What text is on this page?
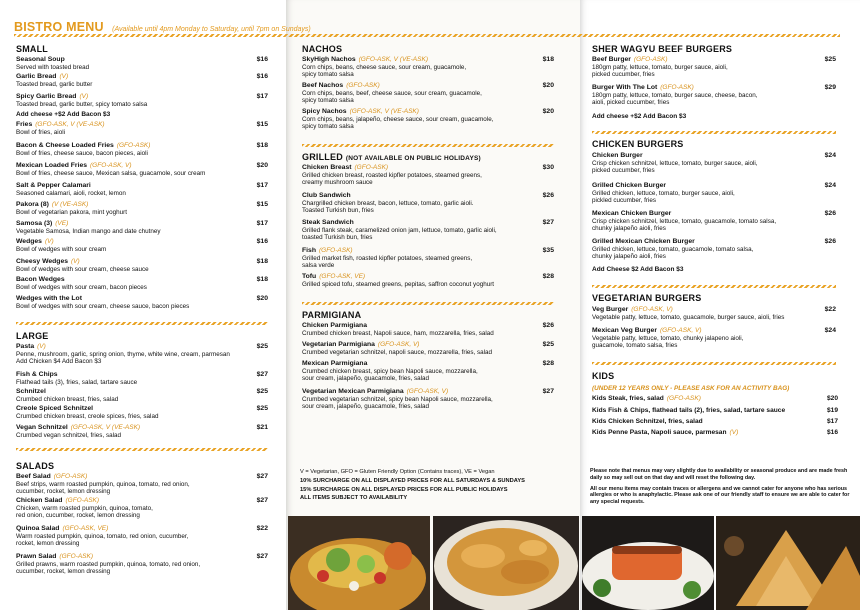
BISTRO MENU (Available until 4pm Monday to Saturday, until 7pm on Sundays)
SMALL
Seasonal Soup	$16
Served with toasted bread
Garlic Bread (V)	$16
Toasted bread, garlic butter
Spicy Garlic Bread (V)	$17
Toasted bread, garlic butter, spicy tomato salsa
Fries (GFO-ASK, V (VE-ASK)	$15
Bowl of fries, aioli
Bacon & Cheese Loaded Fries (GFO-ASK)	$18
Bowl of fries, cheese sauce, bacon pieces, aioli
Mexican Loaded Fries (GFO-ASK, V)	$20
Bowl of fries, cheese sauce, Mexican salsa, guacamole, sour cream
Salt & Pepper Calamari	$17
Seasoned calamari, aioli, rocket, lemon
Pakora (8) (V (VE-ASK)	$15
Bowl of vegetarian pakora, mint yoghurt
Samosa (3) (VE)	$17
Vegetable Samosa, Indian mango and date chutney
Wedges (V)	$16
Bowl of wedges with sour cream
Cheesy Wedges (V)	$18
Bowl of wedges with sour cream, cheese sauce
Bacon Wedges	$18
Bowl of wedges with sour cream, bacon pieces
Wedges with the Lot	$20
Bowl of wedges with sour cream, cheese sauce, bacon pieces
Add cheese +$2 Add Bacon $3
LARGE
Pasta (V)	$25
Penne, mushroom, garlic, spring onion, thyme, white wine, cream, parmesan
Add Chicken $4 Add Bacon $3
Fish & Chips	$27
Flathead tails (3), fries, salad, tartare sauce
Schnitzel	$25
Crumbed chicken breast, fries, salad
Creole Spiced Schnitzel	$25
Crumbed chicken breast, creole spices, fries, salad
Vegan Schnitzel (GFO-ASK, V (VE-ASK)	$21
Crumbed vegan schnitzel, fries, salad
SALADS
Beef Salad (GFO-ASK)	$27
Beef strips, warm roasted pumpkin, quinoa, tomato, red onion,
cucumber, rocket, lemon dressing
Chicken Salad (GFO-ASK)	$27
Chicken, warm roasted pumpkin, quinoa, tomato,
red onion, cucumber, rocket, lemon dressing
Quinoa Salad (GFO-ASK, VE)	$22
Warm roasted pumpkin, quinoa, tomato, red onion, cucumber,
rocket, lemon dressing
Prawn Salad (GFO-ASK)	$27
Grilled prawns, warm roasted pumpkin, quinoa, tomato, red onion,
cucumber, rocket, lemon dressing
NACHOS
SkyHigh Nachos (GFO-ASK, V (VE-ASK)	$18
Corn chips, beans, cheese sauce, sour cream, guacamole,
spicy tomato salsa
Beef Nachos (GFO-ASK)	$20
Corn chips, beans, beef, cheese sauce, sour cream, guacamole,
spicy tomato salsa
Spicy Nachos (GFO-ASK, V (VE-ASK)	$20
Corn chips, beans, jalapeño, cheese sauce, sour cream, guacamole,
spicy tomato salsa
GRILLED (NOT AVAILABLE ON PUBLIC HOLIDAYS)
Chicken Breast (GFO-ASK)	$30
Grilled chicken breast, roasted kipfler potatoes, steamed greens,
creamy mushroom sauce
Club Sandwich	$26
Chargrilled chicken breast, bacon, lettuce, tomato, garlic aioli.
Toasted Turkish bun, fries
Steak Sandwich	$27
Grilled flank steak, caramelized onion jam, lettuce, tomato, garlic aioli,
toasted Turkish bun, fries
Fish (GFO-ASK)	$35
Grilled market fish, roasted kipfler potatoes, steamed greens,
salsa verde
Tofu (GFO-ASK, VE)	$28
Grilled spiced tofu, steamed greens, pepitas, saffron coconut yoghurt
PARMIGIANA
Chicken Parmigiana	$26
Crumbed chicken breast, Napoli sauce, ham, mozzarella, fries, salad
Vegetarian Parmigiana (GFO-ASK, V)	$25
Crumbed vegetarian schnitzel, napoli sauce, mozzarella, fries, salad
Mexican Parmigiana	$28
Crumbed chicken breast, spicy bean Napoli sauce, mozzarella,
sour cream, jalapeño, guacamole, fries, salad
Vegetarian Mexican Parmigiana (GFO-ASK, V)	$27
Crumbed vegetarian schnitzel, spicy bean Napoli sauce, mozzarella,
sour cream, jalapeño, guacamole, fries, salad
SHER WAGYU BEEF BURGERS
Beef Burger (GFO-ASK)	$25
180gm patty, lettuce, tomato, burger sauce, aioli,
picked cucumber, fries
Burger With The Lot (GFO-ASK)	$29
180gm patty, lettuce, tomato, burger sauce, cheese, bacon,
aioli, picked cucumber, fries
Add cheese +$2 Add Bacon $3
CHICKEN BURGERS
Chicken Burger	$24
Crisp chicken schnitzel, lettuce, tomato, burger sauce, aioli,
picked cucumber, fries
Grilled Chicken Burger	$24
Grilled chicken, lettuce, tomato, burger sauce, aioli,
pickled cucumber, fries
Mexican Chicken Burger	$26
Crisp chicken schnitzel, lettuce, tomato, guacamole, tomato salsa,
chunky jalapeño aioli, fries
Grilled Mexican Chicken Burger	$26
Grilled chicken, lettuce, tomato, guacamole, tomato salsa,
chunky jalapeño aioli, fries
Add Cheese $2 Add Bacon $3
VEGETARIAN BURGERS
Veg Burger (GFO-ASK, V)	$22
Vegetable patty, lettuce, tomato, guacamole, burger sauce, aioli, fries
Mexican Veg Burger (GFO-ASK, V)	$24
Vegetable patty, lettuce, tomato, chunky jalapeno aioli,
guacamole, tomato salsa, fries
KIDS
(UNDER 12 YEARS ONLY - PLEASE ASK FOR AN ACTIVITY BAG)
Kids Steak, fries, salad (GFO-ASK)	$20
Kids Fish & Chips, flathead tails (2), fries, salad, tartare sauce	$19
Kids Chicken Schnitzel, fries, salad	$17
Kids Penne Pasta, Napoli sauce, parmesan (V)	$16
V = Vegetarian, GFO = Gluten Friendly Option (Contains traces), VE = Vegan
10% SURCHARGE ON ALL DISPLAYED PRICES FOR ALL SATURDAYS & SUNDAYS
15% SURCHARGE ON ALL DISPLAYED PRICES FOR ALL PUBLIC HOLIDAYS
ALL ITEMS SUBJECT TO AVAILABILITY

Please note that menus may vary slightly due to availability or seasonal produce and are made fresh daily so may sell out on that day and will reset the following day.

All our menu items may contain traces or allergens and we cannot cater for anyone who has serious allergies or who is anaphylactic. Please ask one of our friendly staff to ensure we are able to cater for any special requests.
